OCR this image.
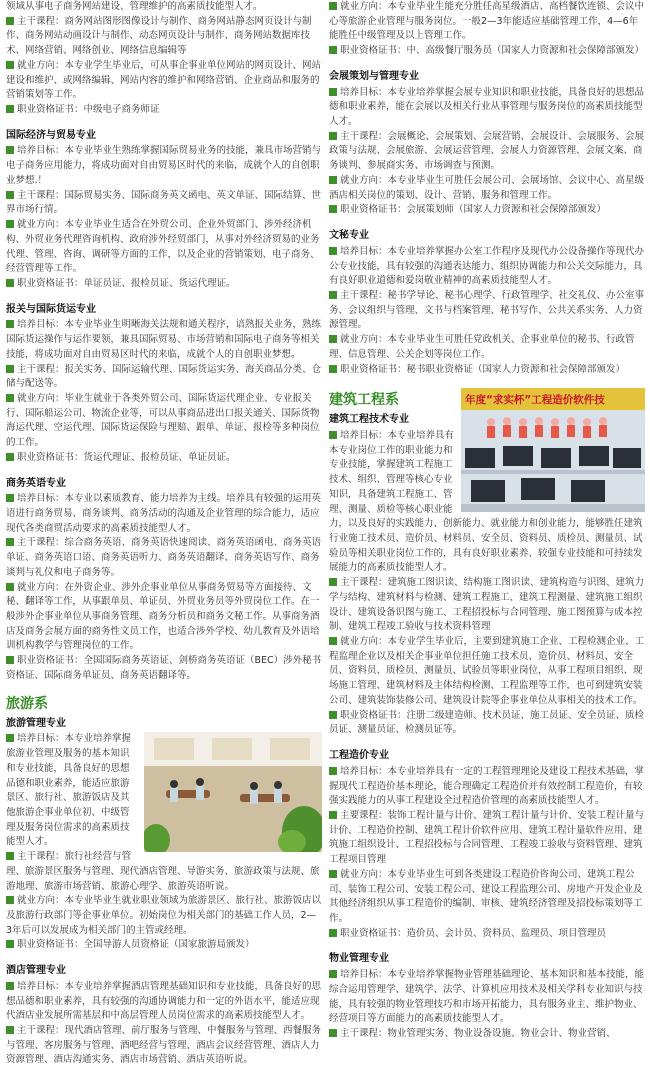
领域从事电子商务网站建设、管理维护的高素质技能型人才。

主干课程：商务网站图形图像设计与制作、商务网站静态网页设计与制作、商务网站动画设计与制作、动态网页设计与制作、商务网站数据库技术、网络营销、网络创业、网络信息编辑等

就业方向：本专业学生毕业后，可从事企事业单位网站的网页设计、网站建设和维护、或网络编辑、网站内容的维护和网络营销、企业商品和服务的营销策划等工作。

职业资格证书：中级电子商务师证

国际经济与贸易专业

培养目标：本专业毕业生熟练掌握国际贸易业务的技能，兼具市场营销与电子商务应用能力，将成功面对自由贸易区时代的来临，成就个人的自创职业梦想.！

主干课程：国际贸易实务、国际商务英文函电、英文单证、国际结算、世界市场行情。

就业方向：本专业毕业生适合在外贸公司、企业外贸部门、涉外经济机构、外贸业务代理咨询机构、政府涉外经贸部门，从事对外经济贸易的业务代理、管理、咨询、调研等方面的工作，以及企业的营销策划、电子商务、经营管理等工作。

职业资格证书：单证员证、报检员证、货运代理证。

报关与国际货运专业

培养目标：本专业毕业生明晰海关法规和通关程序，谙熟报关业务，熟练国际货运操作与运作要领，兼具国际贸易、市场营销和国际电子商务等相关技能，将成功面对自由贸易区时代的来临，成就个人的自创职业梦想。

主干课程：报关实务、国际运输代理、国际货运实务、海关商品分类、仓储与配送等。

就业方向：毕业生就业于各类外贸公司、国际货运代理企业、专业报关行、国际船运公司、物流企业等，可以从事商品进出口报关通关、国际货物海运代理、空运代理、国际货运保险与理赔、跟单、单证、报检等多种岗位的工作。

职业资格证书：货运代理证、报检员证、单证员证。

商务英语专业

培养目标：本专业以素质教育、能力培养为主线。培养具有较强的运用英语进行商务贸易、商务谈判、商务活动的沟通及企业管理的综合能力，适应现代各类商贸活动要求的高素质技能型人才。

主干课程：综合商务英语、商务英语快速阅读、商务英语函电、商务英语单证、商务英语口语、商务英语听力、商务英语翻译、商务英语写作、商务谈判与礼仪和电子商务等。

就业方向：在外资企业、涉外企事业单位从事商务贸易等方面接待、文秘、翻译等工作，从事跟单员、单证员、外贸业务员等外贸岗位工作。在一般涉外企事业单位从事商务管理、商务分析员和商务文秘工作。从事商务酒店及商务会展方面的商务性文员工作，也适合涉外学校、幼儿教育及外语培训机构教学与管理岗位的工作。

职业资格证书：全国国际商务英语证、剑桥商务英语证（BEC）涉外秘书资格证、国际商务单证员、商务英语翻译等。

旅游系

旅游管理专业

培养目标：本专业培养掌握旅游业管理及服务的基本知识和专业技能，具备良好的思想品德和职业素养，能适应旅游景区、旅行社、旅游饭店及其他旅游企事业单位初、中级管理及服务岗位需求的高素质技能型人才。

主干课程：旅行社经营与管理、旅游景区服务与管理、现代酒店管理、导游实务、旅游政策与法规、旅游地理、旅游市场营销、旅游心理学、旅游英语听说。

就业方向：本专业毕业生就业职业领域为旅游景区、旅行社、旅游饭店以及旅游行政部门等企事业单位。初始岗位为相关部门的基础工作人员，2—3年后可以发展成为相关部门的主管或经理。

职业资格证书：全国导游人员资格证（国家旅游局颁发）

酒店管理专业

培养目标：本专业培养掌握酒店管理基础知识和专业技能，具备良好的思想品德和职业素养，具有较强的沟通协调能力和一定的外语水平，能适应现代酒店业发展所需基层和中高层管理人员岗位需求的高素质技能型人才。

主干课程：现代酒店管理、前厅服务与管理、中餐服务与管理、西餐服务与管理、客房服务与管理、酒吧经营与管理、酒店会议经营管理、酒店人力资源管理、酒店沟通实务、酒店市场营销、酒店英语听说。

就业方向：本专业毕业生能充分胜任高星级酒店、高档餐饮连锁、会议中心等旅游企业管理与服务岗位。一般2—3年能适应基础管理工作，4—6年能胜任中级管理及以上管理工作。

职业资格证书：中、高级餐厅服务员（国家人力资源和社会保障部颁发）

会展策划与管理专业

培养目标：本专业培养掌握会展专业知识和职业技能，具备良好的思想品德和职业素养，能在会展以及相关行业从事管理与服务岗位的高素质技能型人才。

主干课程：会展概论、会展策划、会展营销、会展设计、会展服务、会展政策与法规、会展旅游、会展运营管理、会展人力资源管理、会展文案、商务谈判、参展商实务、市场调查与预测。

就业方向：本专业毕业生可胜任会展公司、会展场馆、会议中心、高星级酒店相关岗位的策划、设计、营销、服务和管理工作。

职业资格证书：会展策划师（国家人力资源和社会保障部颁发）

文秘专业

培养目标：本专业培养掌握办公室工作程序及现代办公设备操作等现代办公专业技能，具有较强的沟通表达能力、组织协调能力和公关交际能力，具有良好职业道德和爱岗敬业精神的高素质技能型人才。

主干课程：秘书学导论、秘书心理学、行政管理学、社交礼仪、办公室事务、会议组织与管理、文书与档案管理、秘书写作、公共关系实务、人力资源管理。

就业方向：本专业毕业生可胜任党政机关、企事业单位的秘书、行政管理、信息管理、公关企划等岗位工作。

职业资格证书：秘书职业资格证（国家人力资源和社会保障部颁发）

年度“求实杯”工程造价软件技
建筑工程系

建筑工程技术专业

培养目标：本专业培养具有本专业岗位工作的职业能力和专业技能，掌握建筑工程施工技术、组织、管理等核心专业知识，具备建筑工程施工、管理、测量、质检等核心职业能力，以及良好的实践能力、创新能力、就业能力和创业能力，能够胜任建筑行业施工技术员、造价员、材料员、安全员、资料员、质检员、测量员、试验员等相关职业岗位工作的，具有良好职业素养、较强专业技能和可持续发展能力的高素质技能型人才。

主干课程：建筑施工图识读、结构施工图识读、建筑构造与识图、建筑力学与结构、建筑材料与检测、建筑工程施工、建筑工程测量、建筑施工组织设计、建筑设备识图与施工、工程招投标与合同管理、施工图预算与成本控制、建筑工程竣工验收与技术资料管理

就业方向：本专业学生毕业后，主要到建筑施工企业、工程检测企业、工程监理企业以及相关企事业单位担任施工技术员、造价员、材料员、安全员、资料员、质检员、测量员、试验员等职业岗位，从事工程项目组织、现场施工管理、建筑材料及主体结构检测、工程监理等工作，也可到建筑安装公司、建筑装饰装修公司、建筑设计院等企事业单位从事相关的技术工作。

职业资格证书：注册二级建造师、技术员证、施工员证、安全员证、质检员证、测量员证、检测员证等。

工程造价专业

培养目标：本专业培养具有一定的工程管理理论及建设工程技术基础，掌握现代工程造价基本理论，能合理确定工程造价并有效控制工程造价，有较强实践能力的从事工程建设全过程造价管理的高素质技能型人才。

主要课程：装饰工程计量与计价、建筑工程计量与计价、安装工程计量与计价、工程造价控制、建筑工程计价软件应用、建筑工程计量软件应用、建筑施工组织设计、工程招投标与合同管理、工程竣工验收与资料管理、建筑工程项目管理

就业方向：本专业毕业生可到各类建设工程造价咨询公司、建筑工程公司、装饰工程公司、安装工程公司、建设工程监理公司、房地产开发企业及其他经济组织从事工程造价的编制、审核、建筑经济管理及招投标策划等工作。

职业资格证书：造价员、会计员、资料员、监理员、项目管理员

物业管理专业

培养目标：本专业培养掌握物业管理基础理论、基本知识和基本技能，能综合运用管理学、建筑学、法学、计算机应用技术及相关学科专业知识与技能，具有较强的物业管理技巧和市场开拓能力，具有服务业主、维护物业、经营项目等方面能力的高素质技能型人才。

主干课程：物业管理实务、物业设备设施、物业会计、物业营销、
